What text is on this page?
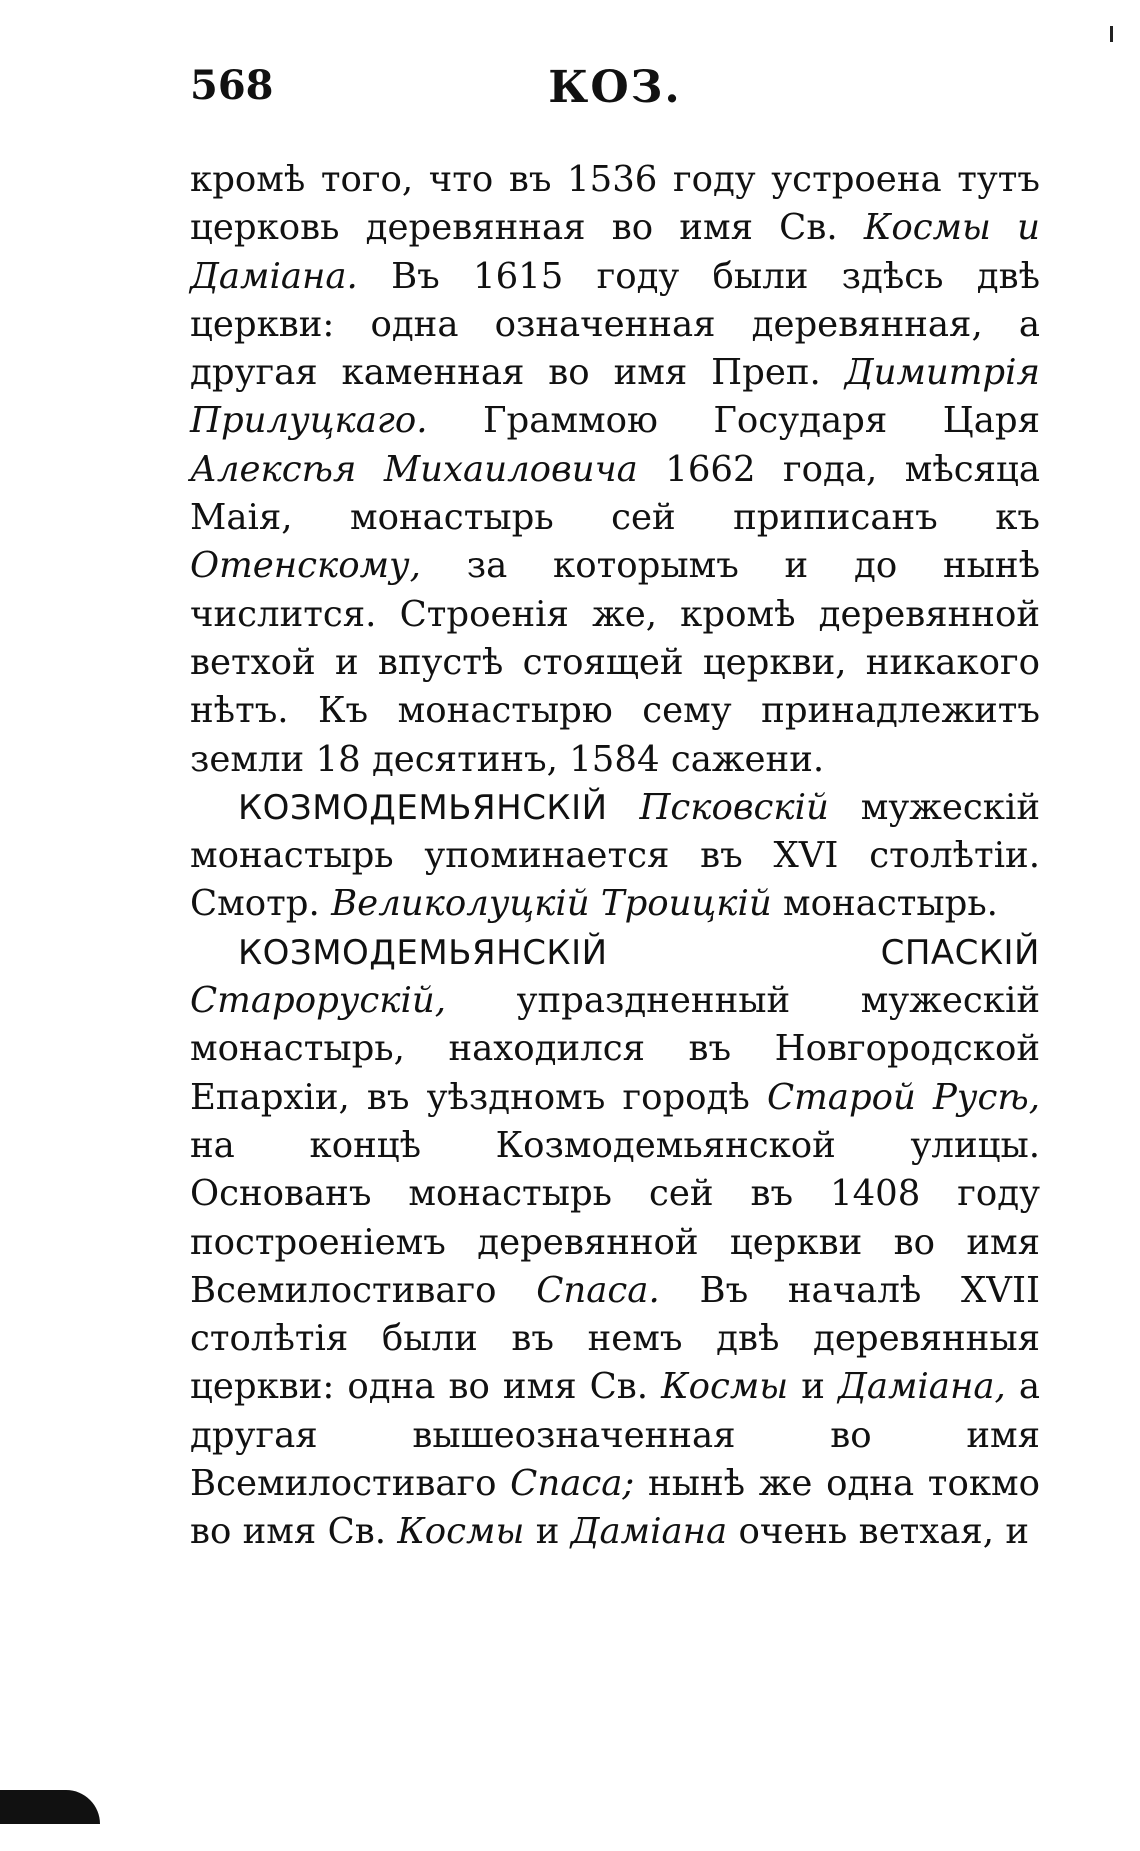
568	КОЗ.

кромѣ того, что въ 1536 году устроена тутъ церковь деревянная во имя Св. Космы и Даміана. Въ 1615 году были здѣсь двѣ церкви: одна означенная деревянная, а другая каменная во имя Преп. Димитрія Прилуцкаго. Граммою Государя Царя Алексѣя Михаиловича 1662 года, мѣсяца Маія, монастырь сей приписанъ къ Отенскому, за которымъ и до нынѣ числится. Строенія же, кромѣ деревянной ветхой и впустѣ стоящей церкви, никакого нѣтъ. Къ монастырю сему принадлежитъ земли 18 десятинъ, 1584 сажени.

КОЗМОДЕМЬЯНСКІЙ Псковскій мужескій монастырь упоминается въ XVI столѣтіи. Смотр. Великолуцкій Троицкій монастырь.

КОЗМОДЕМЬЯНСКІЙ СПАСКІЙ Старорускій, упраздненный мужескій монастырь, находился въ Новгородской Епархіи, въ уѣздномъ городѣ Старой Русѣ, на концѣ Козмодемьянской улицы. Основанъ монастырь сей въ 1408 году построеніемъ деревянной церкви во имя Всемилостиваго Спаса. Въ началѣ XVII столѣтія были въ немъ двѣ деревянныя церкви: одна во имя Св. Космы и Даміана, а другая вышеозначенная во имя Всемилостиваго Спаса; нынѣ же одна токмо во имя Св. Космы и Даміана очень ветхая, и
